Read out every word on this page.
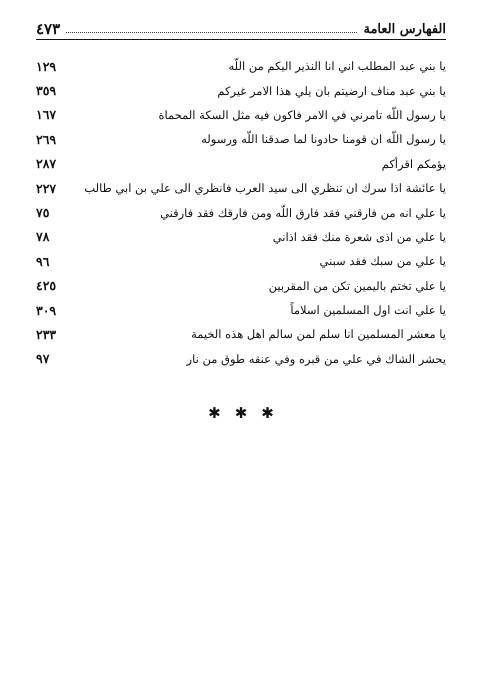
الفهارس العامة
٤٧٣
يا بني عبد المطلب اني انا النذير اليكم من اللّه
١٢٩
يا بني عبد مناف ارضيتم بان يلي هذا الامر غيركم
٣٥٩
يا رسول اللّه تامرني في الامر فاكون فيه مثل السكة المحماة
١٦٧
يا رسول اللّه ان قومنا حادونا لما صدقنا اللّه ورسوله
٢٦٩
يؤمكم اقرأكم
٢٨٧
يا عائشة اذا سرك ان تنظري الى سيد العرب فانظري الى علي بن ابي طالب
٢٢٧
يا علي انه من فارقني فقد فارق اللّه ومن فارقك فقد فارقني
٧٥
يا علي من اذى شعرة منك فقد اذاني
٧٨
يا علي من سبك فقد سبني
٩٦
يا علي تختم باليمين تكن من المقربين
٤٢٥
يا علي انت اول المسلمين اسلاماً
٣٠٩
يا معشر المسلمين انا سلم لمن سالم اهل هذه الخيمة
٢٣٣
يحشر الشاك في علي من قبره وفي عنقه طوق من نار
٩٧
✱ ✱ ✱
